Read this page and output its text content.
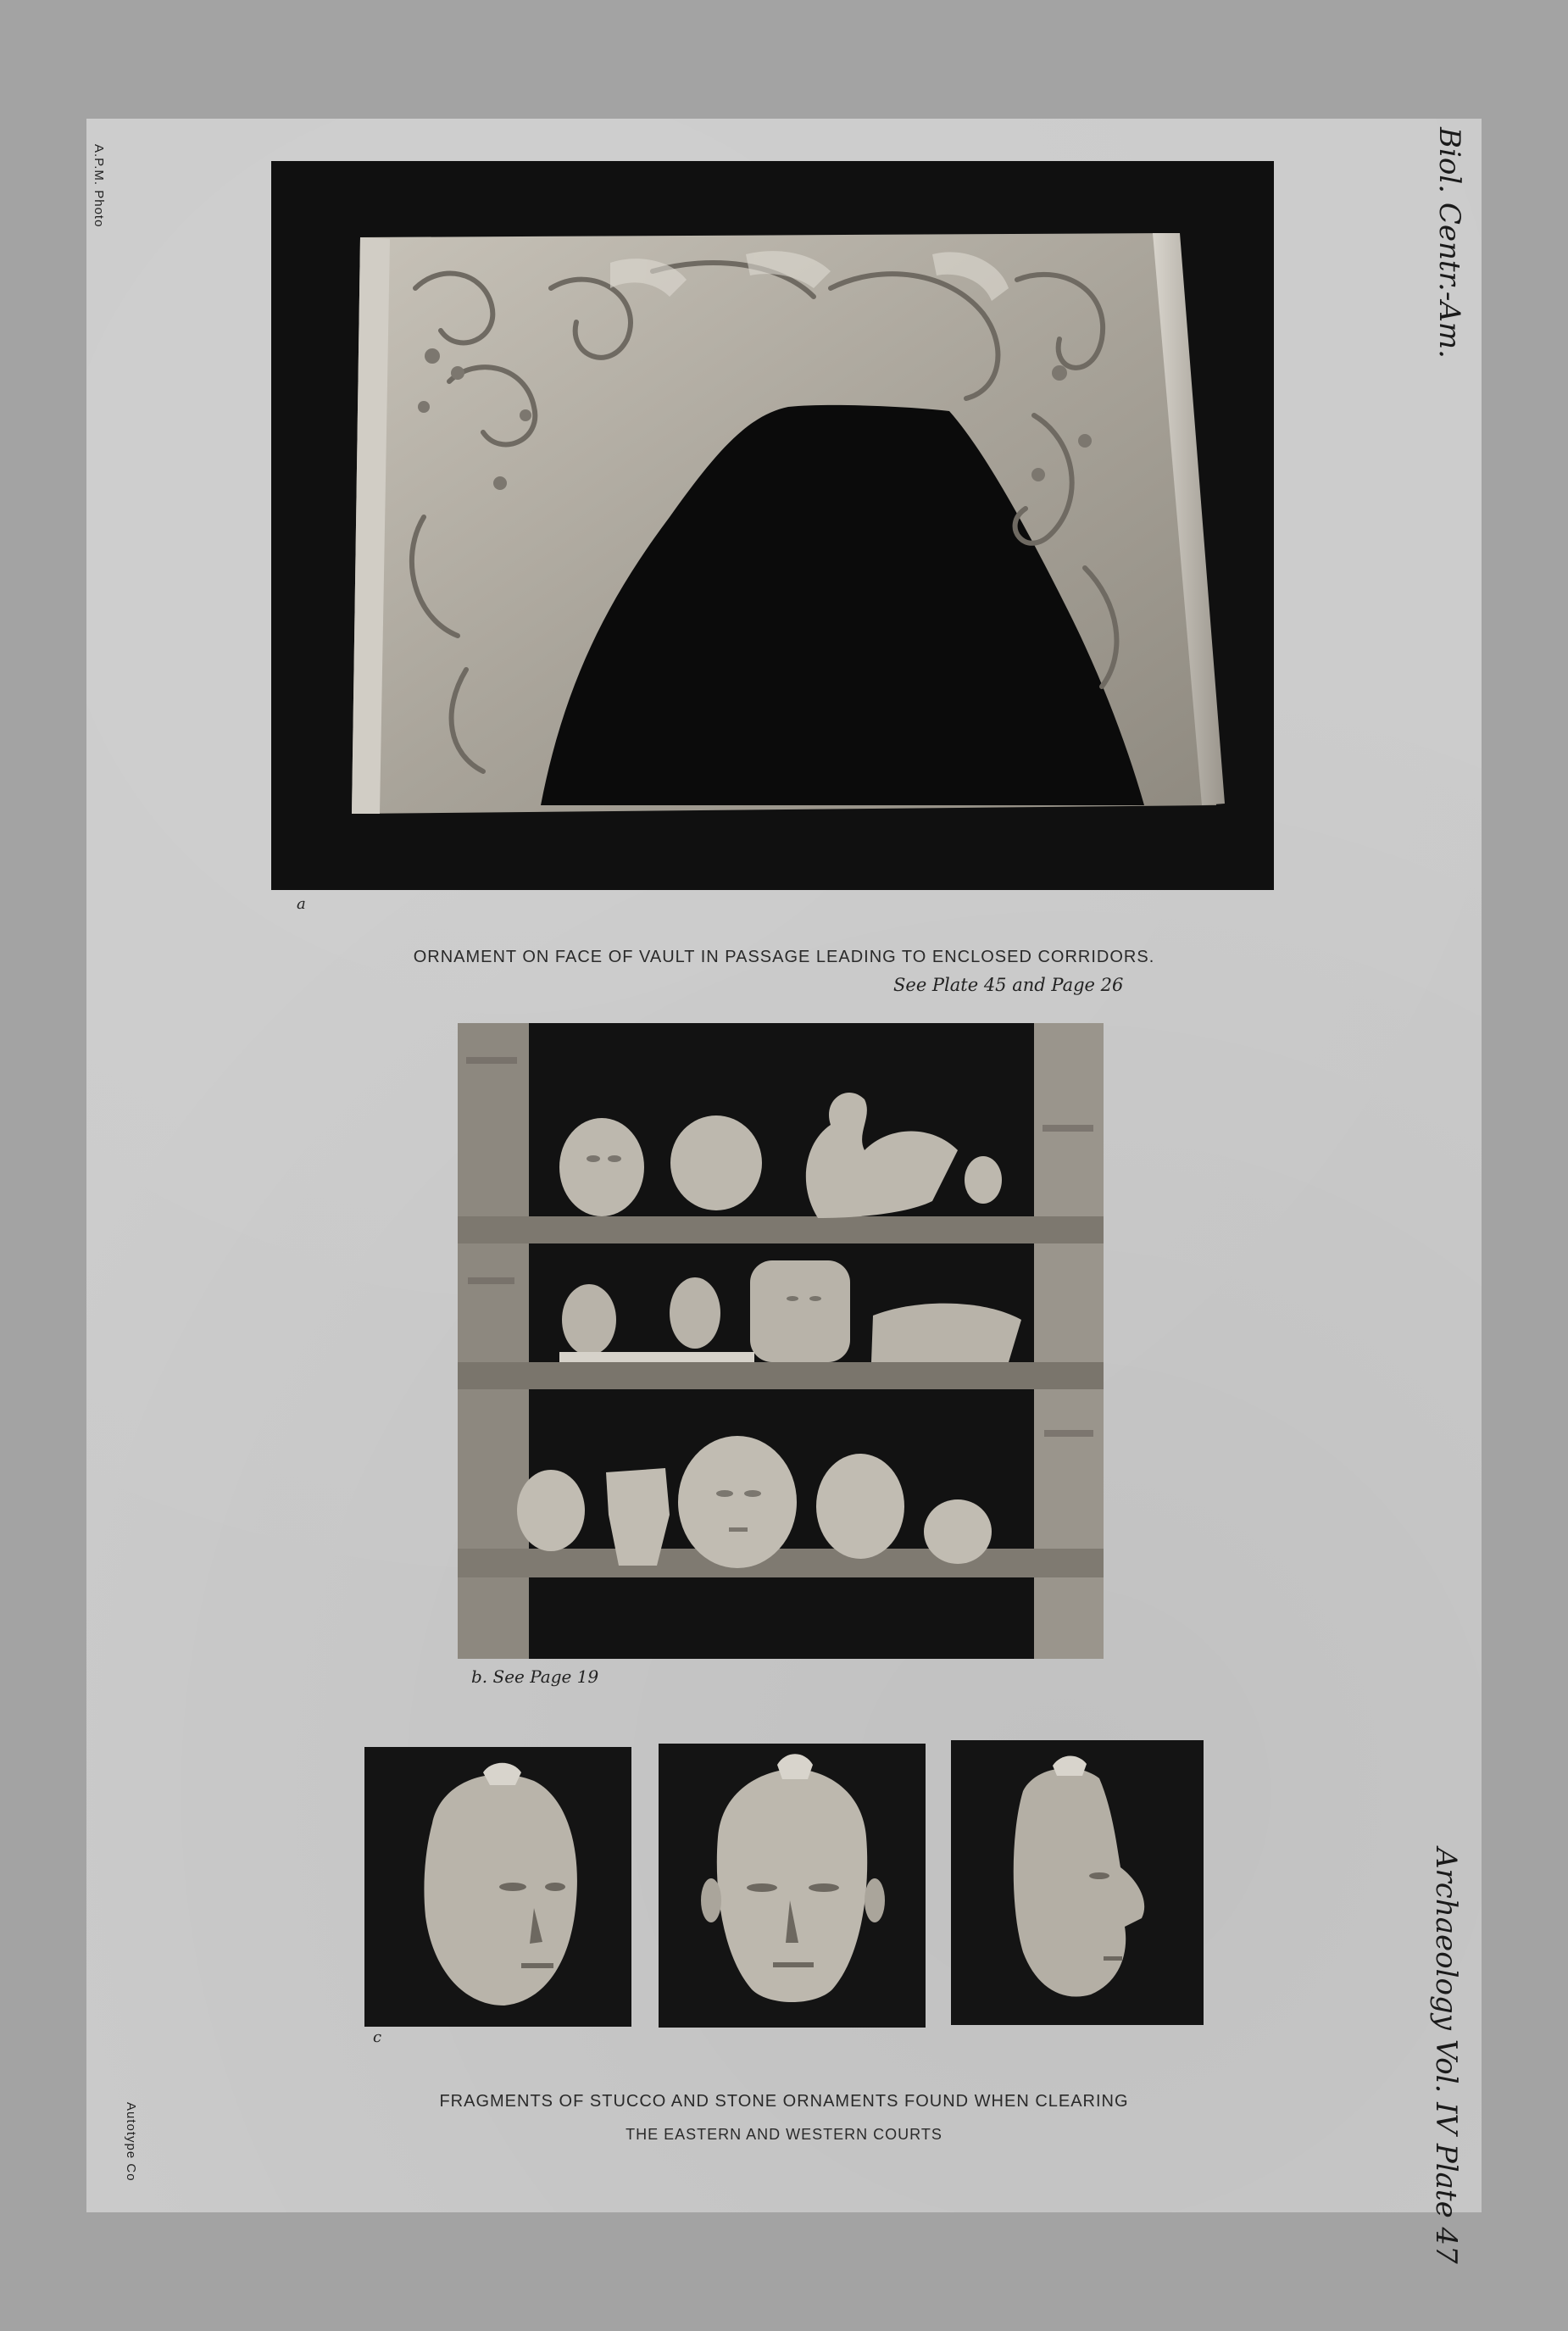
A.P.M. Photo
Autotype Co
Biol. Centr.-Am.
Archaeology Vol. IV Plate 47
a
ORNAMENT ON FACE OF VAULT IN PASSAGE LEADING TO ENCLOSED CORRIDORS.
See Plate 45 and Page 26
b. See Page 19
c
FRAGMENTS OF STUCCO AND STONE ORNAMENTS FOUND WHEN CLEARING
THE EASTERN AND WESTERN COURTS
